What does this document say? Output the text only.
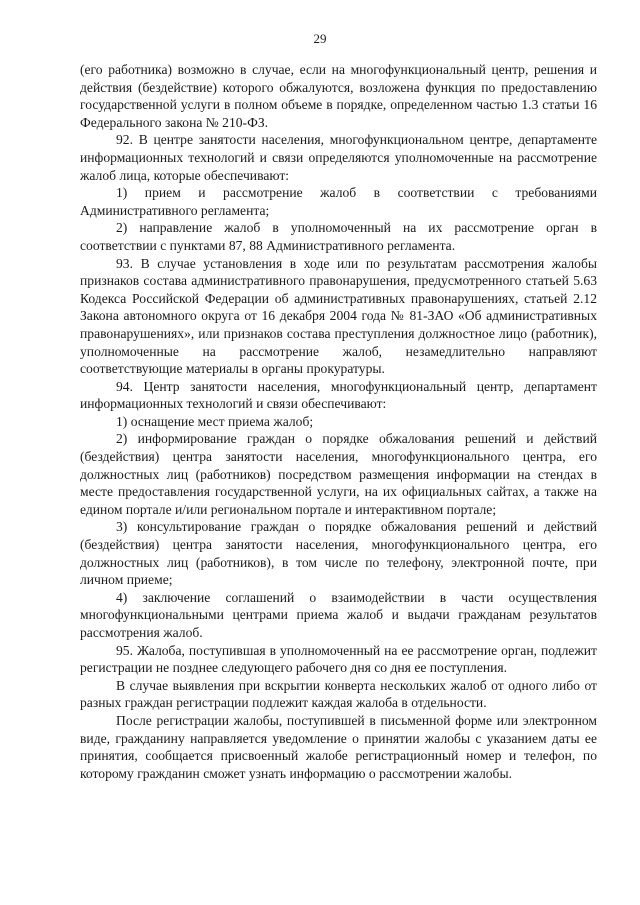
29

(его работника) возможно в случае, если на многофункциональный центр, решения и действия (бездействие) которого обжалуются, возложена функция по предоставлению государственной услуги в полном объеме в порядке, определенном частью 1.3 статьи 16 Федерального закона № 210-ФЗ.

92. В центре занятости населения, многофункциональном центре, департаменте информационных технологий и связи определяются уполномоченные на рассмотрение жалоб лица, которые обеспечивают:

1) прием и рассмотрение жалоб в соответствии с требованиями Административного регламента;

2) направление жалоб в уполномоченный на их рассмотрение орган в соответствии с пунктами 87, 88 Административного регламента.

93. В случае установления в ходе или по результатам рассмотрения жалобы признаков состава административного правонарушения, предусмотренного статьей 5.63 Кодекса Российской Федерации об административных правонарушениях, статьей 2.12 Закона автономного округа от 16 декабря 2004 года № 81-ЗАО «Об административных правонарушениях», или признаков состава преступления должностное лицо (работник), уполномоченные на рассмотрение жалоб, незамедлительно направляют соответствующие материалы в органы прокуратуры.

94. Центр занятости населения, многофункциональный центр, департамент информационных технологий и связи обеспечивают:

1) оснащение мест приема жалоб;

2) информирование граждан о порядке обжалования решений и действий (бездействия) центра занятости населения, многофункционального центра, его должностных лиц (работников) посредством размещения информации на стендах в месте предоставления государственной услуги, на их официальных сайтах, а также на едином портале и/или региональном портале и интерактивном портале;

3) консультирование граждан о порядке обжалования решений и действий (бездействия) центра занятости населения, многофункционального центра, его должностных лиц (работников), в том числе по телефону, электронной почте, при личном приеме;

4) заключение соглашений о взаимодействии в части осуществления многофункциональными центрами приема жалоб и выдачи гражданам результатов рассмотрения жалоб.

95. Жалоба, поступившая в уполномоченный на ее рассмотрение орган, подлежит регистрации не позднее следующего рабочего дня со дня ее поступления.

В случае выявления при вскрытии конверта нескольких жалоб от одного либо от разных граждан регистрации подлежит каждая жалоба в отдельности.

После регистрации жалобы, поступившей в письменной форме или электронном виде, гражданину направляется уведомление о принятии жалобы с указанием даты ее принятия, сообщается присвоенный жалобе регистрационный номер и телефон, по которому гражданин сможет узнать информацию о рассмотрении жалобы.
